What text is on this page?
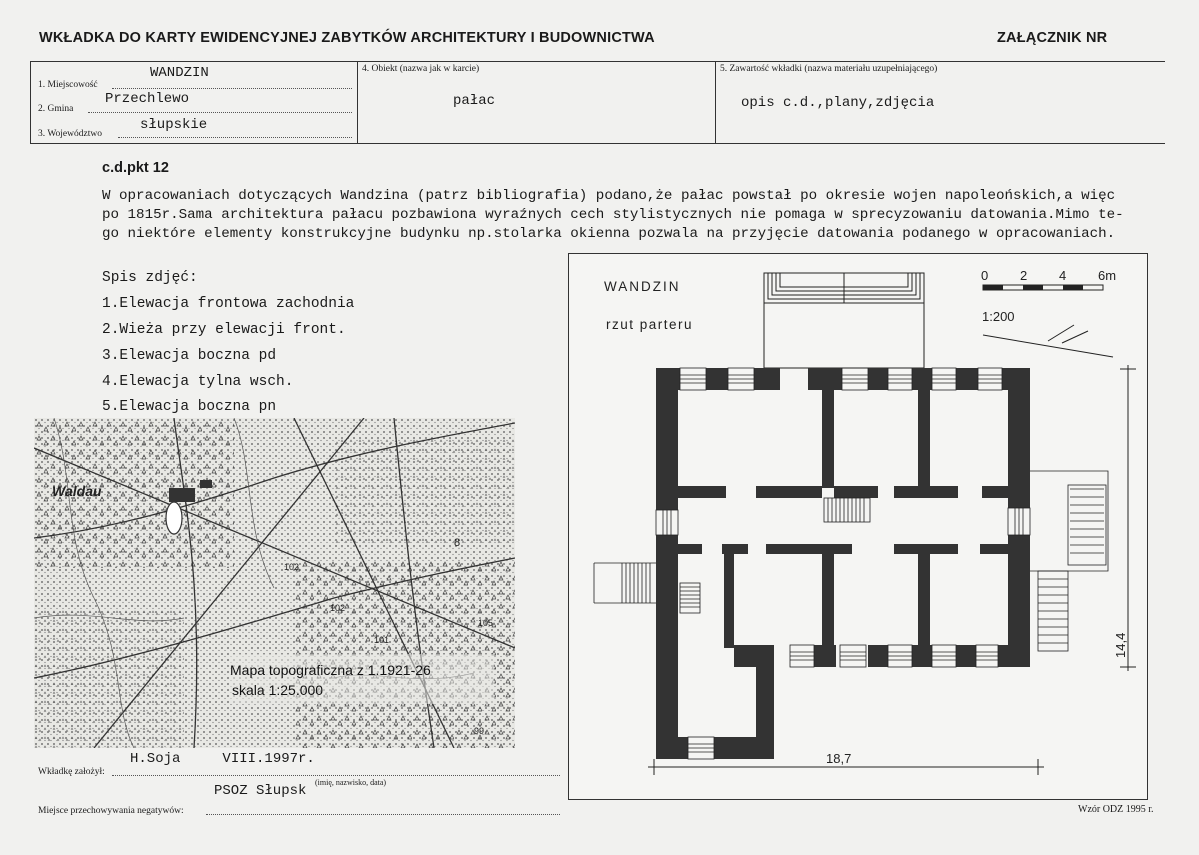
WKŁADKA DO KARTY EWIDENCYJNEJ ZABYTKÓW ARCHITEKTURY I BUDOWNICTWA	ZAŁĄCZNIK NR
1. Miejscowość
WANDZIN
2. Gmina
Przechlewo
3. Województwo
słupskie
4. Obiekt (nazwa jak w karcie)
pałac
5. Zawartość wkładki (nazwa materiału uzupełniającego)
opis c.d.,plany,zdjęcia
c.d.pkt 12
W opracowaniach dotyczących Wandzina (patrz bibliografia) podano,że pałac powstał po okresie wojen napoleońskich,a więc
po 1815r.Sama architektura pałacu pozbawiona wyraźnych cech stylistycznych nie pomaga w sprecyzowaniu datowania.Mimo te-
go niektóre elementy konstrukcyjne budynku np.stolarka okienna pozwala na przyjęcie datowania podanego w opracowaniach.
Spis zdjęć:
1.Elewacja frontowa zachodnia
2.Wieża przy elewacji front.
3.Elewacja boczna pd
4.Elewacja tylna wsch.
5.Elewacja boczna pn
Waldau
102
102
105
101
8
99
Mapa topograficzna z 1.1921-26
skala 1:25.000
WANDZIN
rzut parteru
0 2 4 6m
1:200
18,7
14,4
Wkładkę założył:
H.Soja     VIII.1997r.
(imię, nazwisko, data)
PSOZ Słupsk
Miejsce przechowywania negatywów:	Wzór ODZ 1995 r.
